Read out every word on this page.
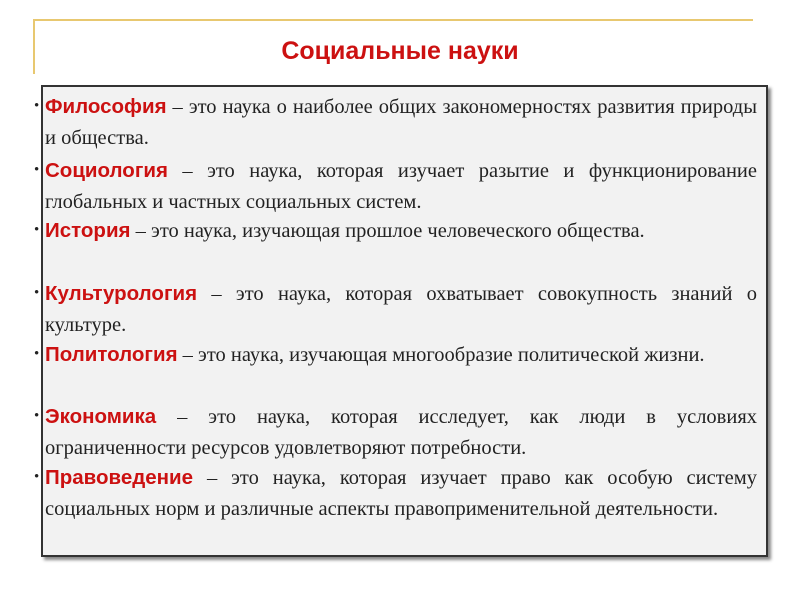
Социальные науки
• Философия – это наука о наиболее общих закономерностях развития природы и общества.
• Социология – это наука, которая изучает разытие и функционирование глобальных и частных социальных систем.
• История – это наука, изучающая прошлое человеческого общества.
• Культурология – это наука, которая охватывает совокупность знаний о культуре.
• Политология – это наука, изучающая многообразие политической жизни.
• Экономика – это наука, которая исследует, как люди в условиях ограниченности ресурсов удовлетворяют потребности.
• Правоведение – это наука, которая изучает право как особую систему социальных норм и различные аспекты правоприменительной деятельности.
